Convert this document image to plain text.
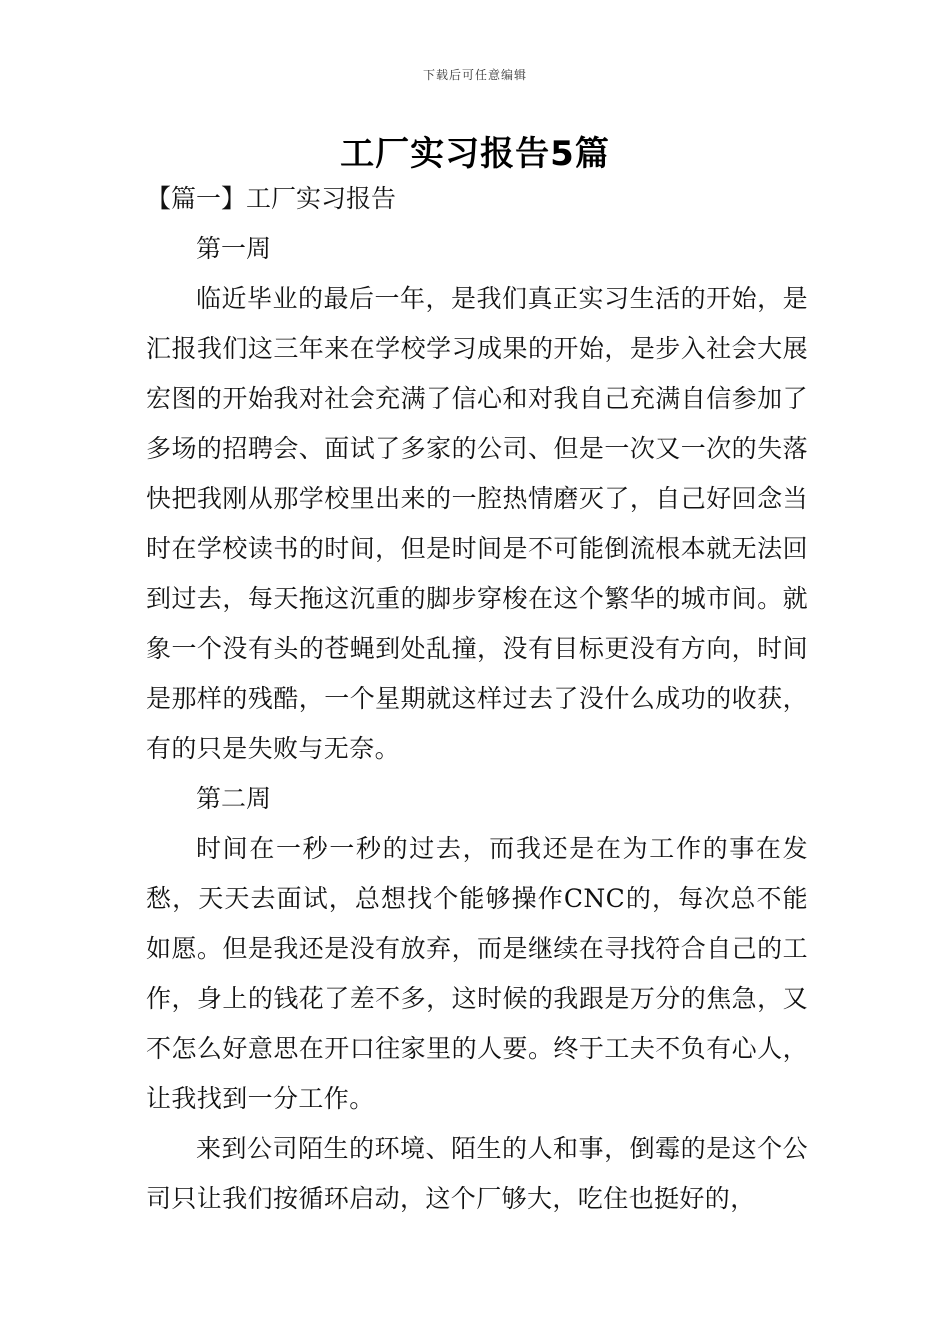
下载后可任意编辑
工厂实习报告5篇

【篇一】工厂实习报告

第一周

临近毕业的最后一年，是我们真正实习生活的开始，是汇报我们这三年来在学校学习成果的开始，是步入社会大展宏图的开始我对社会充满了信心和对我自己充满自信参加了多场的招聘会、面试了多家的公司、但是一次又一次的失落快把我刚从那学校里出来的一腔热情磨灭了，自己好回念当时在学校读书的时间，但是时间是不可能倒流根本就无法回到过去，每天拖这沉重的脚步穿梭在这个繁华的城市间。就象一个没有头的苍蝇到处乱撞，没有目标更没有方向，时间是那样的残酷，一个星期就这样过去了没什么成功的收获，有的只是失败与无奈。

第二周

时间在一秒一秒的过去，而我还是在为工作的事在发愁，天天去面试，总想找个能够操作CNC的，每次总不能如愿。但是我还是没有放弃，而是继续在寻找符合自己的工作，身上的钱花了差不多，这时候的我跟是万分的焦急，又不怎么好意思在开口往家里的人要。终于工夫不负有心人，让我找到一分工作。

来到公司陌生的环境、陌生的人和事，倒霉的是这个公司只让我们按循环启动，这个厂够大，吃住也挺好的，
